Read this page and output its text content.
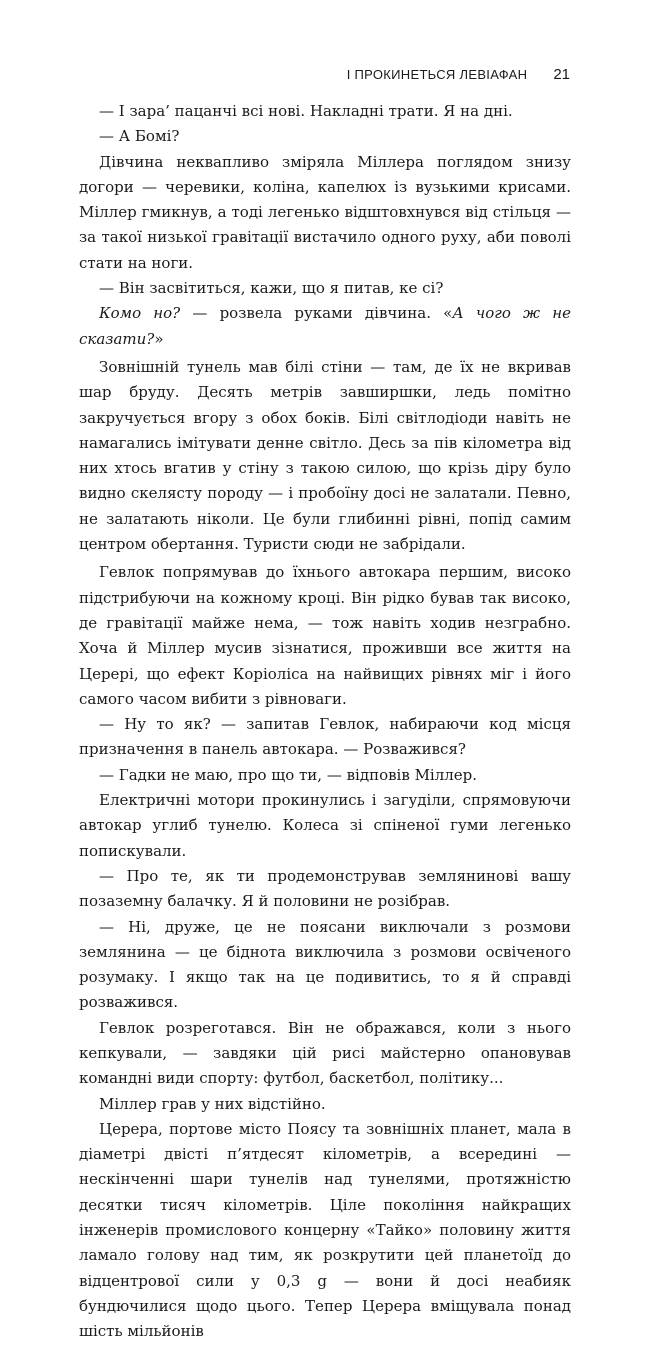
І ПРОКИНЕТЬСЯ ЛЕВІАФАН 21

— І зара’ пацанчі всі нові. Накладні трати. Я на дні.

— А Бомі?

Дівчина неквапливо зміряла Міллера поглядом знизу догори — черевики, коліна, капелюх із вузькими крисами. Міллер гмикнув, а тоді легенько відштовхнувся від стільця — за такої низької гравітації вистачило одного руху, аби поволі стати на ноги.

— Він засвітиться, кажи, що я питав, ке сі?

Комо но? — розвела руками дівчина. «А чого ж не сказати?»

Зовнішній тунель мав білі стіни — там, де їх не вкривав шар бруду. Десять метрів завширшки, ледь помітно закручується вгору з обох боків. Білі світлодіоди навіть не намагались імітувати денне світло. Десь за пів кілометра від них хтось вгатив у стіну з такою силою, що крізь діру було видно скелясту породу — і пробоїну досі не залатали. Певно, не залатають ніколи. Це були глибинні рівні, попід самим центром обертання. Туристи сюди не забрідали.

Гевлок попрямував до їхнього автокара першим, високо підстрибуючи на кожному кроці. Він рідко бував так високо, де гравітації майже нема, — тож навіть ходив незграбно. Хоча й Міллер мусив зізнатися, проживши все життя на Церері, що ефект Коріоліса на найвищих рівнях міг і його самого часом вибити з рівноваги.

— Ну то як? — запитав Гевлок, набираючи код місця призначення в панель автокара. — Розважився?

— Гадки не маю, про що ти, — відповів Міллер.

Електричні мотори прокинулись і загуділи, спрямовуючи автокар углиб тунелю. Колеса зі спіненої гуми легенько попискували.

— Про те, як ти продемонстрував землянинові вашу позаземну балачку. Я й половини не розібрав.

— Ні, друже, це не поясани виключали з розмови землянина — це біднота виключила з розмови освіченого розумаку. І якщо так на це подивитись, то я й справді розважився.

Гевлок розреготався. Він не ображався, коли з нього кепкували, — завдяки цій рисі майстерно опановував командні види спорту: футбол, баскетбол, політику...

Міллер грав у них відстійно.

Церера, портове місто Поясу та зовнішніх планет, мала в діаметрі двісті п’ятдесят кілометрів, а всередині — нескінченні шари тунелів над тунелями, протяжністю десятки тисяч кілометрів. Ціле покоління найкращих інженерів промислового концерну «Тайко» половину життя ламало голову над тим, як розкрутити цей планетоїд до відцентрової сили у 0,3 g — вони й досі неабияк бундючилися щодо цього. Тепер Церера вміщувала понад шість мільйонів
